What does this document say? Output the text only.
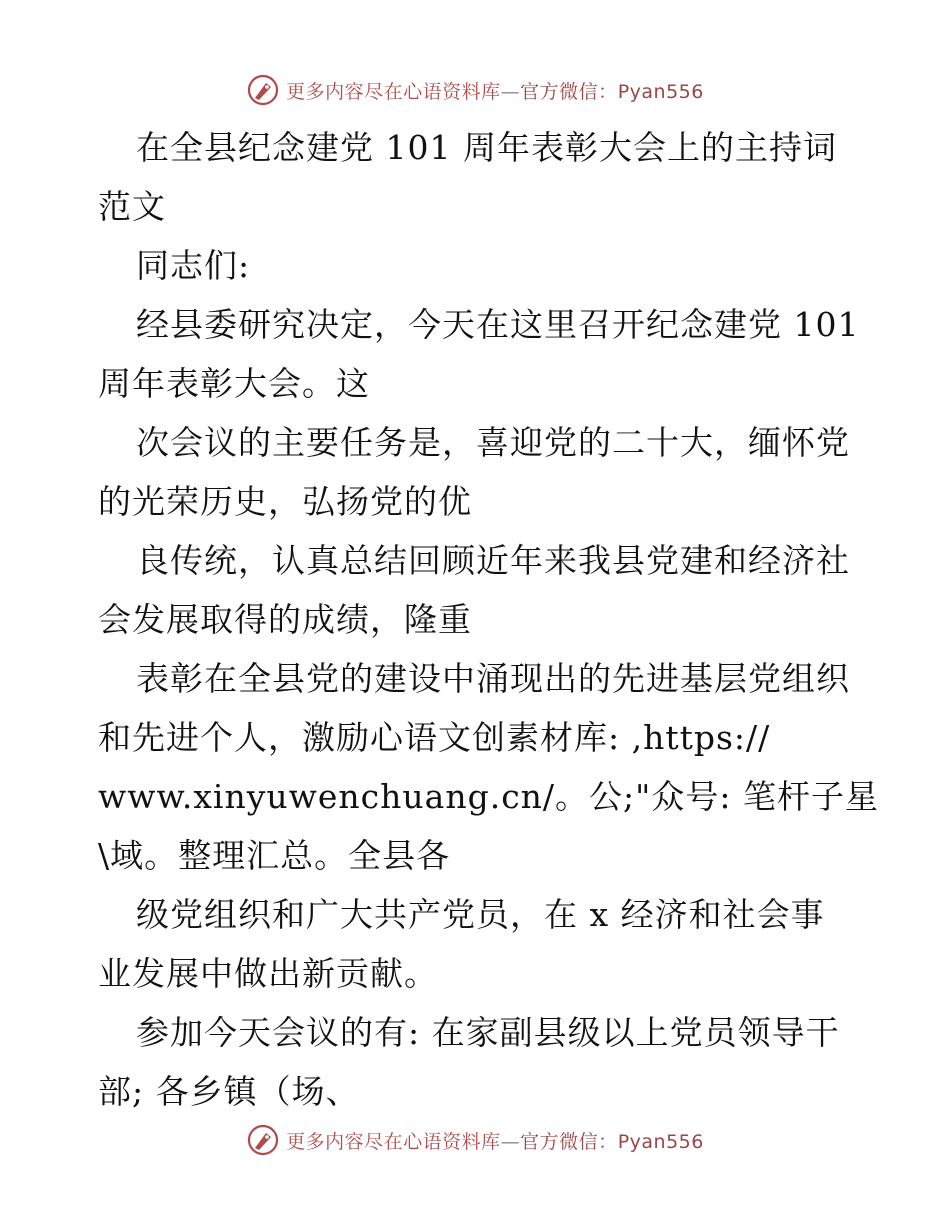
更多内容尽在心语资料库—官方微信：Pyan556

在全县纪念建党 101 周年表彰大会上的主持词

范文

同志们:

经县委研究决定，今天在这里召开纪念建党 101

周年表彰大会。这

次会议的主要任务是，喜迎党的二十大，缅怀党

的光荣历史，弘扬党的优

良传统，认真总结回顾近年来我县党建和经济社

会发展取得的成绩，隆重

表彰在全县党的建设中涌现出的先进基层党组织

和先进个人，激励心语文创素材库: ,https://

www.xinyuwenchuang.cn/。公;"众号: 笔杆子星

\域。整理汇总。全县各

级党组织和广大共产党员，在 x 经济和社会事

业发展中做出新贡献。

参加今天会议的有: 在家副县级以上党员领导干

部; 各乡镇（场、

更多内容尽在心语资料库—官方微信：Pyan556
